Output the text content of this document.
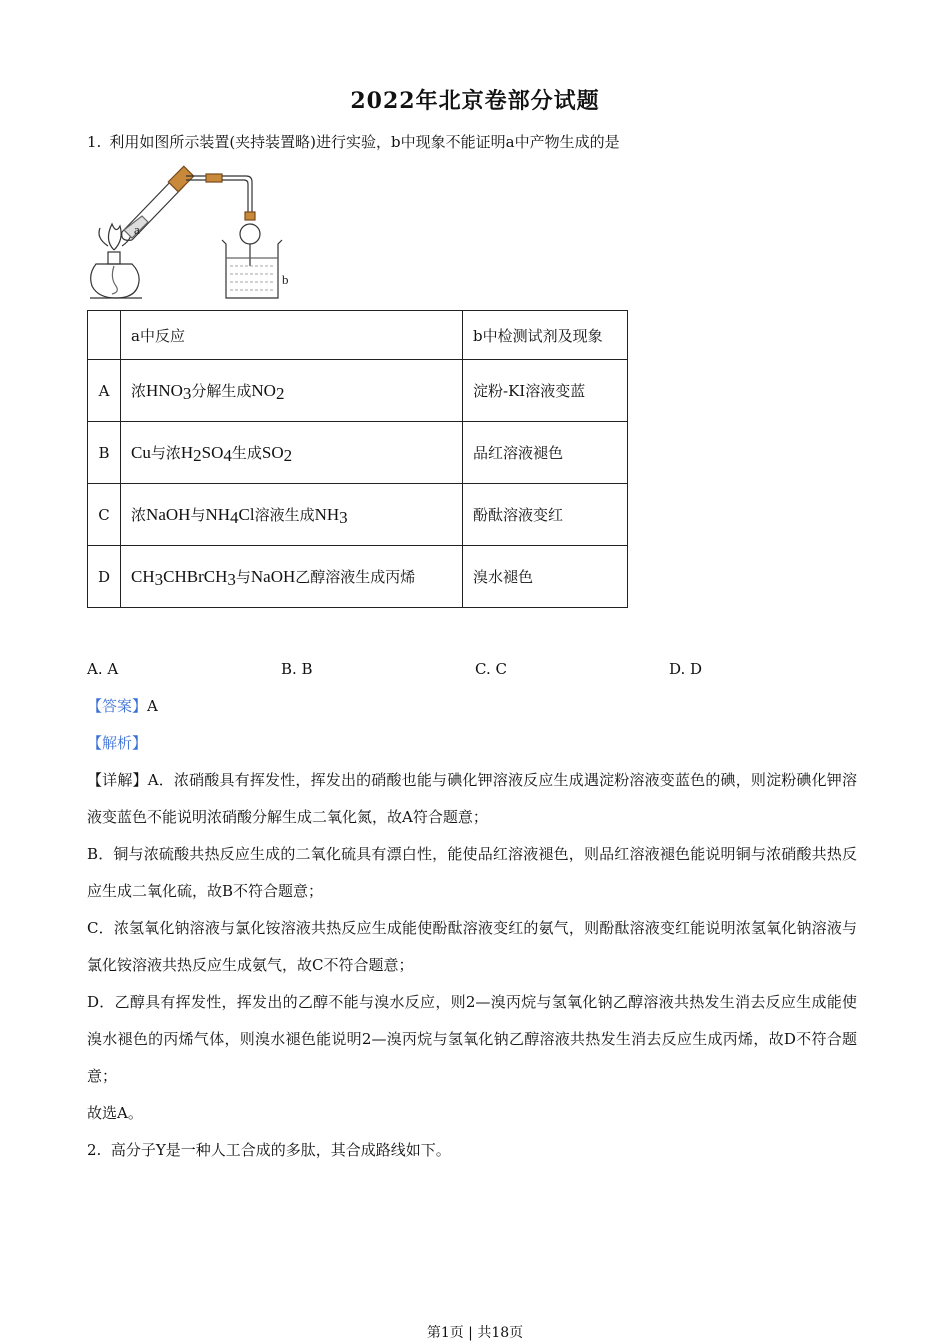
2022年北京卷部分试题
1. 利用如图所示装置(夹持装置略)进行实验，b中现象不能证明a中产物生成的是
a
b
	a中反应	b中检测试剂及现象
A	浓$HNO_3$分解生成$NO_2$	淀粉-KI溶液变蓝
B	Cu与浓$H_2SO_4$生成$SO_2$	品红溶液褪色
C	浓NaOH与$NH_4Cl$溶液生成$NH_3$	酚酞溶液变红
D	$CH_3CHBrCH_3$与NaOH乙醇溶液生成丙烯	溴水褪色
A. A	B. B	C. C	D. D
【答案】A
【解析】
【详解】A．浓硝酸具有挥发性，挥发出的硝酸也能与碘化钾溶液反应生成遇淀粉溶液变蓝色的碘，则淀粉碘化钾溶液变蓝色不能说明浓硝酸分解生成二氧化氮，故A符合题意；
B．铜与浓硫酸共热反应生成的二氧化硫具有漂白性，能使品红溶液褪色，则品红溶液褪色能说明铜与浓硝酸共热反应生成二氧化硫，故B不符合题意；
C．浓氢氧化钠溶液与氯化铵溶液共热反应生成能使酚酞溶液变红的氨气，则酚酞溶液变红能说明浓氢氧化钠溶液与氯化铵溶液共热反应生成氨气，故C不符合题意；
D．乙醇具有挥发性，挥发出的乙醇不能与溴水反应，则2—溴丙烷与氢氧化钠乙醇溶液共热发生消去反应生成能使溴水褪色的丙烯气体，则溴水褪色能说明2—溴丙烷与氢氧化钠乙醇溶液共热发生消去反应生成丙烯，故D不符合题意；
故选A。
2. 高分子Y是一种人工合成的多肽，其合成路线如下。
第1页 | 共18页
